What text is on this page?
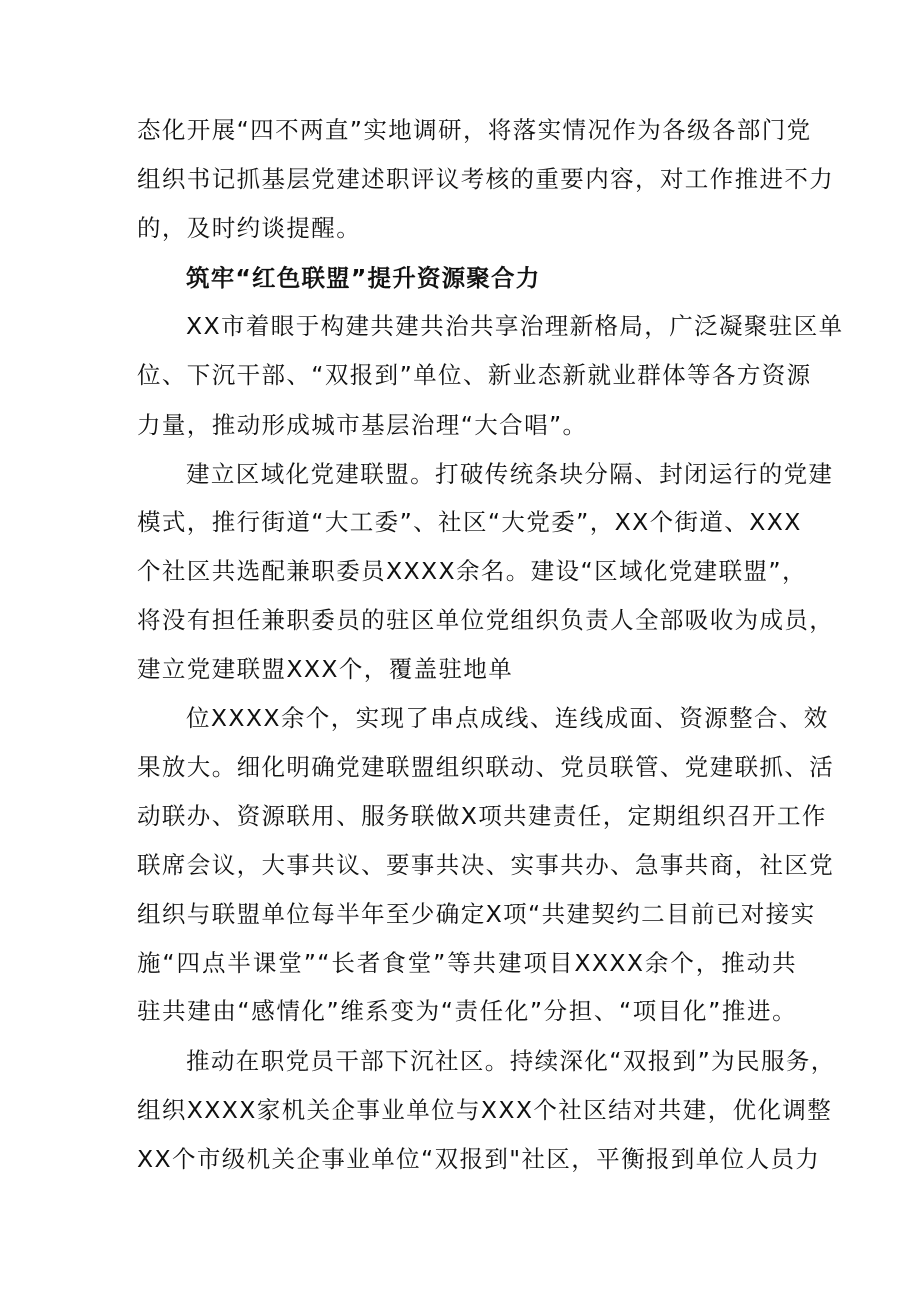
态化开展“四不两直”实地调研，将落实情况作为各级各部门党
组织书记抓基层党建述职评议考核的重要内容，对工作推进不力
的，及时约谈提醒。
筑牢“红色联盟”提升资源聚合力
XX市着眼于构建共建共治共享治理新格局，广泛凝聚驻区单
位、下沉干部、“双报到”单位、新业态新就业群体等各方资源
力量，推动形成城市基层治理“大合唱”。
建立区域化党建联盟。打破传统条块分隔、封闭运行的党建
模式，推行街道“大工委”、社区“大党委”，XX个街道、XXX
个社区共选配兼职委员XXXX余名。建设“区域化党建联盟”，
将没有担任兼职委员的驻区单位党组织负责人全部吸收为成员，
建立党建联盟XXX个，覆盖驻地单
位XXXX余个，实现了串点成线、连线成面、资源整合、效
果放大。细化明确党建联盟组织联动、党员联管、党建联抓、活
动联办、资源联用、服务联做X项共建责任，定期组织召开工作
联席会议，大事共议、要事共决、实事共办、急事共商，社区党
组织与联盟单位每半年至少确定X项“共建契约二目前已对接实
施“四点半课堂”“长者食堂”等共建项目XXXX余个，推动共
驻共建由“感情化”维系变为“责任化”分担、“项目化”推进。
推动在职党员干部下沉社区。持续深化“双报到”为民服务，
组织XXXX家机关企事业单位与XXX个社区结对共建，优化调整
XX个市级机关企事业单位“双报到"社区，平衡报到单位人员力
